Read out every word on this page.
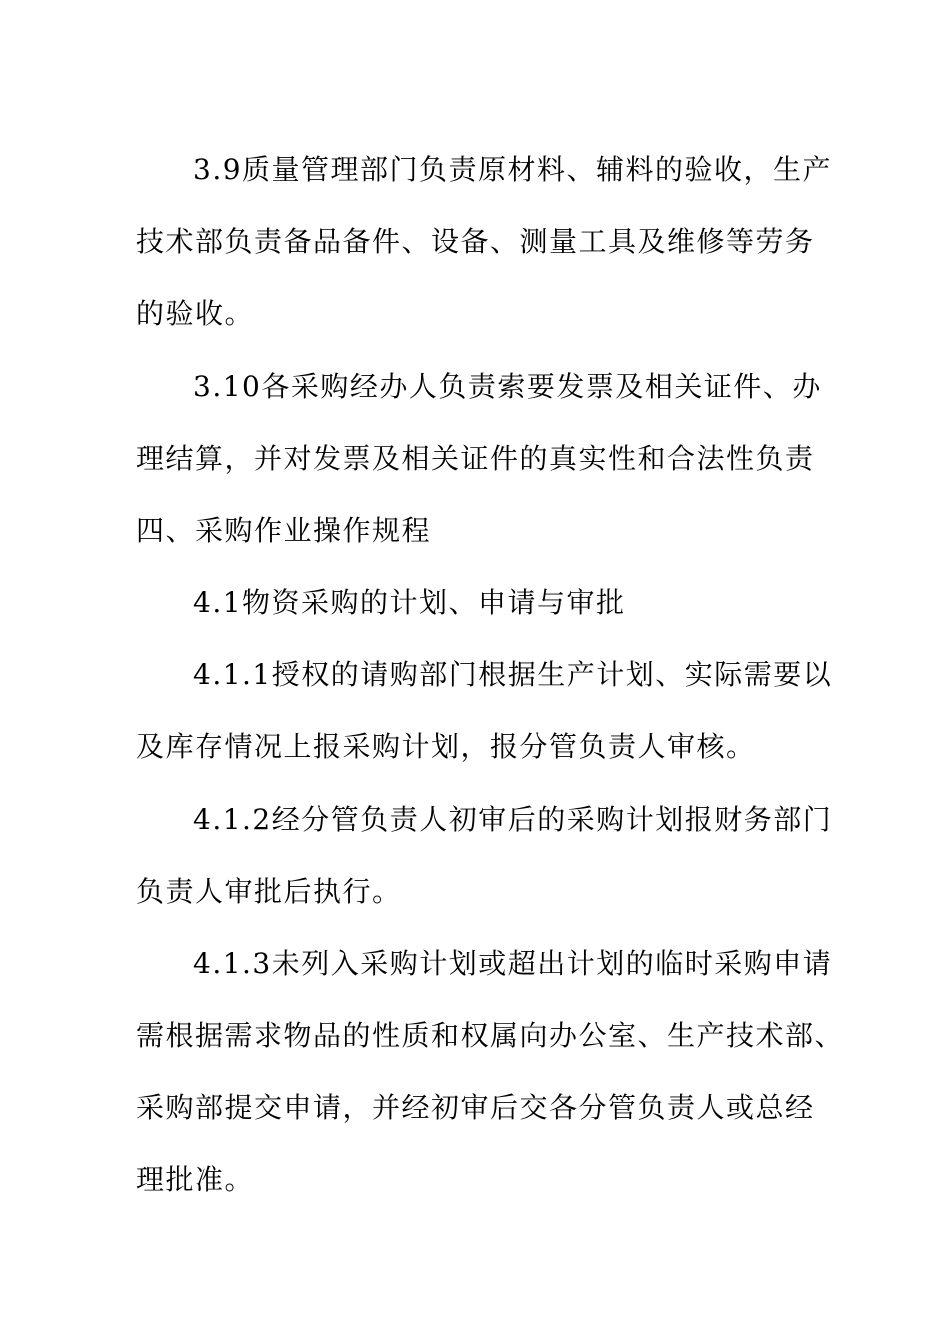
3.9质量管理部门负责原材料、辅料的验收，生产
技术部负责备品备件、设备、测量工具及维修等劳务
的验收。
3.10各采购经办人负责索要发票及相关证件、办
理结算，并对发票及相关证件的真实性和合法性负责
四、采购作业操作规程
4.1物资采购的计划、申请与审批
4.1.1授权的请购部门根据生产计划、实际需要以
及库存情况上报采购计划，报分管负责人审核。
4.1.2经分管负责人初审后的采购计划报财务部门
负责人审批后执行。
4.1.3未列入采购计划或超出计划的临时采购申请
需根据需求物品的性质和权属向办公室、生产技术部、
采购部提交申请，并经初审后交各分管负责人或总经
理批准。
